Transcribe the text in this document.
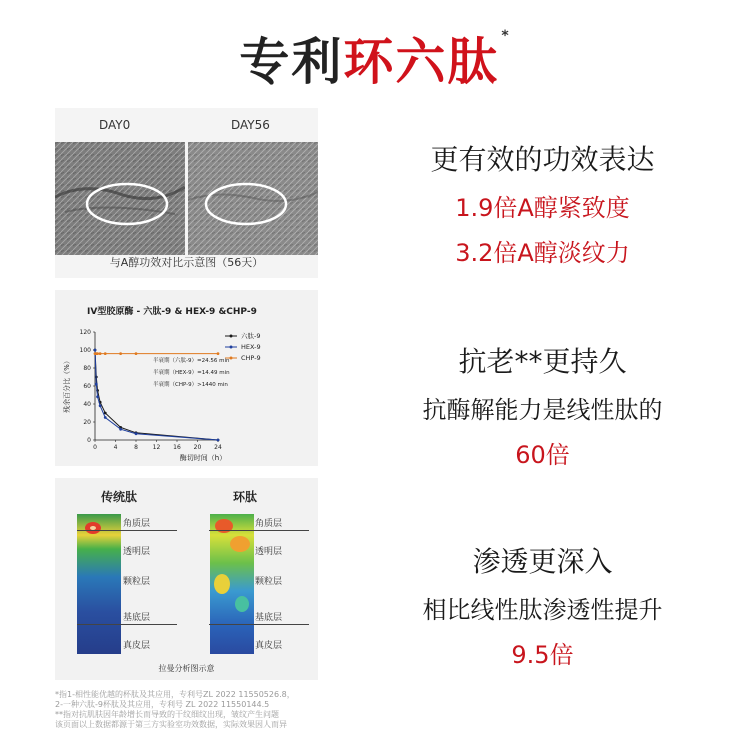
专利环六肽 *
DAY0	DAY56
与A醇功效对比示意图（56天）
IV型胶原酶 - 六肽-9 & HEX-9 &CHP-9
0
20
40
60
80
100
120
0	4	8 12 16 20 24
六肽-9
HEX-9
CHP-9
半衰期（六肽-9）=24.56 min
半衰期（HEX-9）=14.49 min
半衰期（CHP-9）>1440 min
酶切时间（h）
残余百分比（%）
传统肽	环肽
角质层
透明层
颗粒层
基底层
真皮层
角质层
透明层
颗粒层
基底层
真皮层
拉曼分析图示意
更有效的功效表达
1.9倍A醇紧致度
3.2倍A醇淡纹力
抗老**更持久
抗酶解能力是线性肽的
60倍
渗透更深入
相比线性肽渗透性提升
9.5倍
*指1-相性能优越的杯肽及其应用，专利号ZL 2022 11550526.8，
2-一种六肽-9杯肽及其应用，专利号 ZL 2022 11550144.5
**指对抗肌肤因年龄增长而导致的干纹细纹出现，皱纹产生问题
该页面以上数据都源于第三方实验室功效数据，实际效果因人而异
